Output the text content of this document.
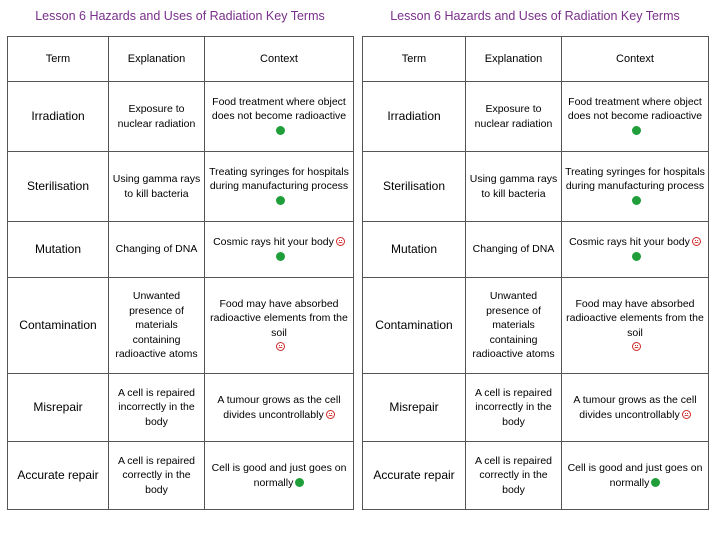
Lesson 6 Hazards and Uses of Radiation Key Terms
Term	Explanation	Context
Irradiation	Exposure to nuclear radiation	Food treatment where object does not become radioactive
Sterilisation	Using gamma rays to kill bacteria	Treating syringes for hospitals during manufacturing process

Mutation	Changing of DNA	Cosmic rays hit your body
Contamination	Unwanted presence of materials containing radioactive atoms	Food may have absorbed radioactive elements from the soil

Misrepair	A cell is repaired incorrectly in the body	A tumour grows as the cell divides uncontrollably
Accurate repair	A cell is repaired correctly in the body	Cell is good and just goes on normally
Lesson 6 Hazards and Uses of Radiation Key Terms
Term	Explanation	Context
Irradiation	Exposure to nuclear radiation	Food treatment where object does not become radioactive
Sterilisation	Using gamma rays to kill bacteria	Treating syringes for hospitals during manufacturing process

Mutation	Changing of DNA	Cosmic rays hit your body
Contamination	Unwanted presence of materials containing radioactive atoms	Food may have absorbed radioactive elements from the soil

Misrepair	A cell is repaired incorrectly in the body	A tumour grows as the cell divides uncontrollably
Accurate repair	A cell is repaired correctly in the body	Cell is good and just goes on normally
